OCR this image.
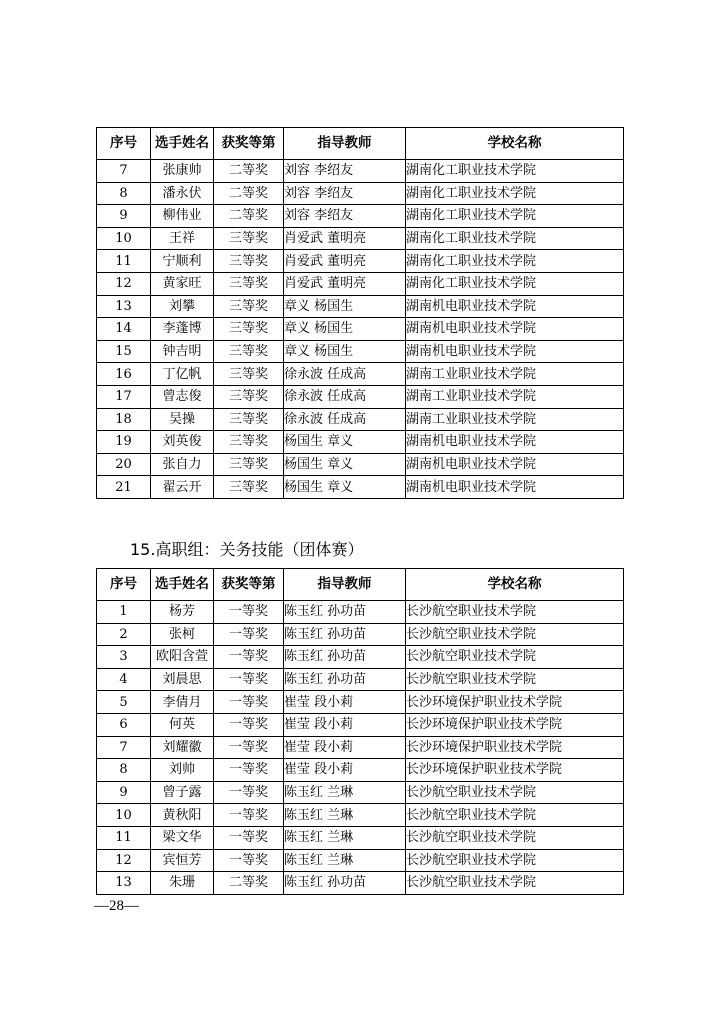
序号	选手姓名	获奖等第	指导教师	学校名称
7	张康帅	二等奖	刘容 李绍友	湖南化工职业技术学院
8	潘永伏	二等奖	刘容 李绍友	湖南化工职业技术学院
9	柳伟业	二等奖	刘容 李绍友	湖南化工职业技术学院
10	王祥	三等奖	肖爱武 董明亮	湖南化工职业技术学院
11	宁顺利	三等奖	肖爱武 董明亮	湖南化工职业技术学院
12	黄家旺	三等奖	肖爱武 董明亮	湖南化工职业技术学院
13	刘攀	三等奖	章义 杨国生	湖南机电职业技术学院
14	李蓬博	三等奖	章义 杨国生	湖南机电职业技术学院
15	钟吉明	三等奖	章义 杨国生	湖南机电职业技术学院
16	丁亿帆	三等奖	徐永波 任成高	湖南工业职业技术学院
17	曾志俊	三等奖	徐永波 任成高	湖南工业职业技术学院
18	吴操	三等奖	徐永波 任成高	湖南工业职业技术学院
19	刘英俊	三等奖	杨国生 章义	湖南机电职业技术学院
20	张自力	三等奖	杨国生 章义	湖南机电职业技术学院
21	翟云开	三等奖	杨国生 章义	湖南机电职业技术学院
15.高职组：关务技能（团体赛）
序号	选手姓名	获奖等第	指导教师	学校名称
1	杨芳	一等奖	陈玉红 孙功苗	长沙航空职业技术学院
2	张柯	一等奖	陈玉红 孙功苗	长沙航空职业技术学院
3	欧阳含萱	一等奖	陈玉红 孙功苗	长沙航空职业技术学院
4	刘晨思	一等奖	陈玉红 孙功苗	长沙航空职业技术学院
5	李倩月	一等奖	崔莹 段小莉	长沙环境保护职业技术学院
6	何英	一等奖	崔莹 段小莉	长沙环境保护职业技术学院
7	刘耀徽	一等奖	崔莹 段小莉	长沙环境保护职业技术学院
8	刘帅	一等奖	崔莹 段小莉	长沙环境保护职业技术学院
9	曾子露	一等奖	陈玉红 兰琳	长沙航空职业技术学院
10	黄秋阳	一等奖	陈玉红 兰琳	长沙航空职业技术学院
11	梁文华	一等奖	陈玉红 兰琳	长沙航空职业技术学院
12	宾恒芳	一等奖	陈玉红 兰琳	长沙航空职业技术学院
13	朱珊	二等奖	陈玉红 孙功苗	长沙航空职业技术学院

—28—
